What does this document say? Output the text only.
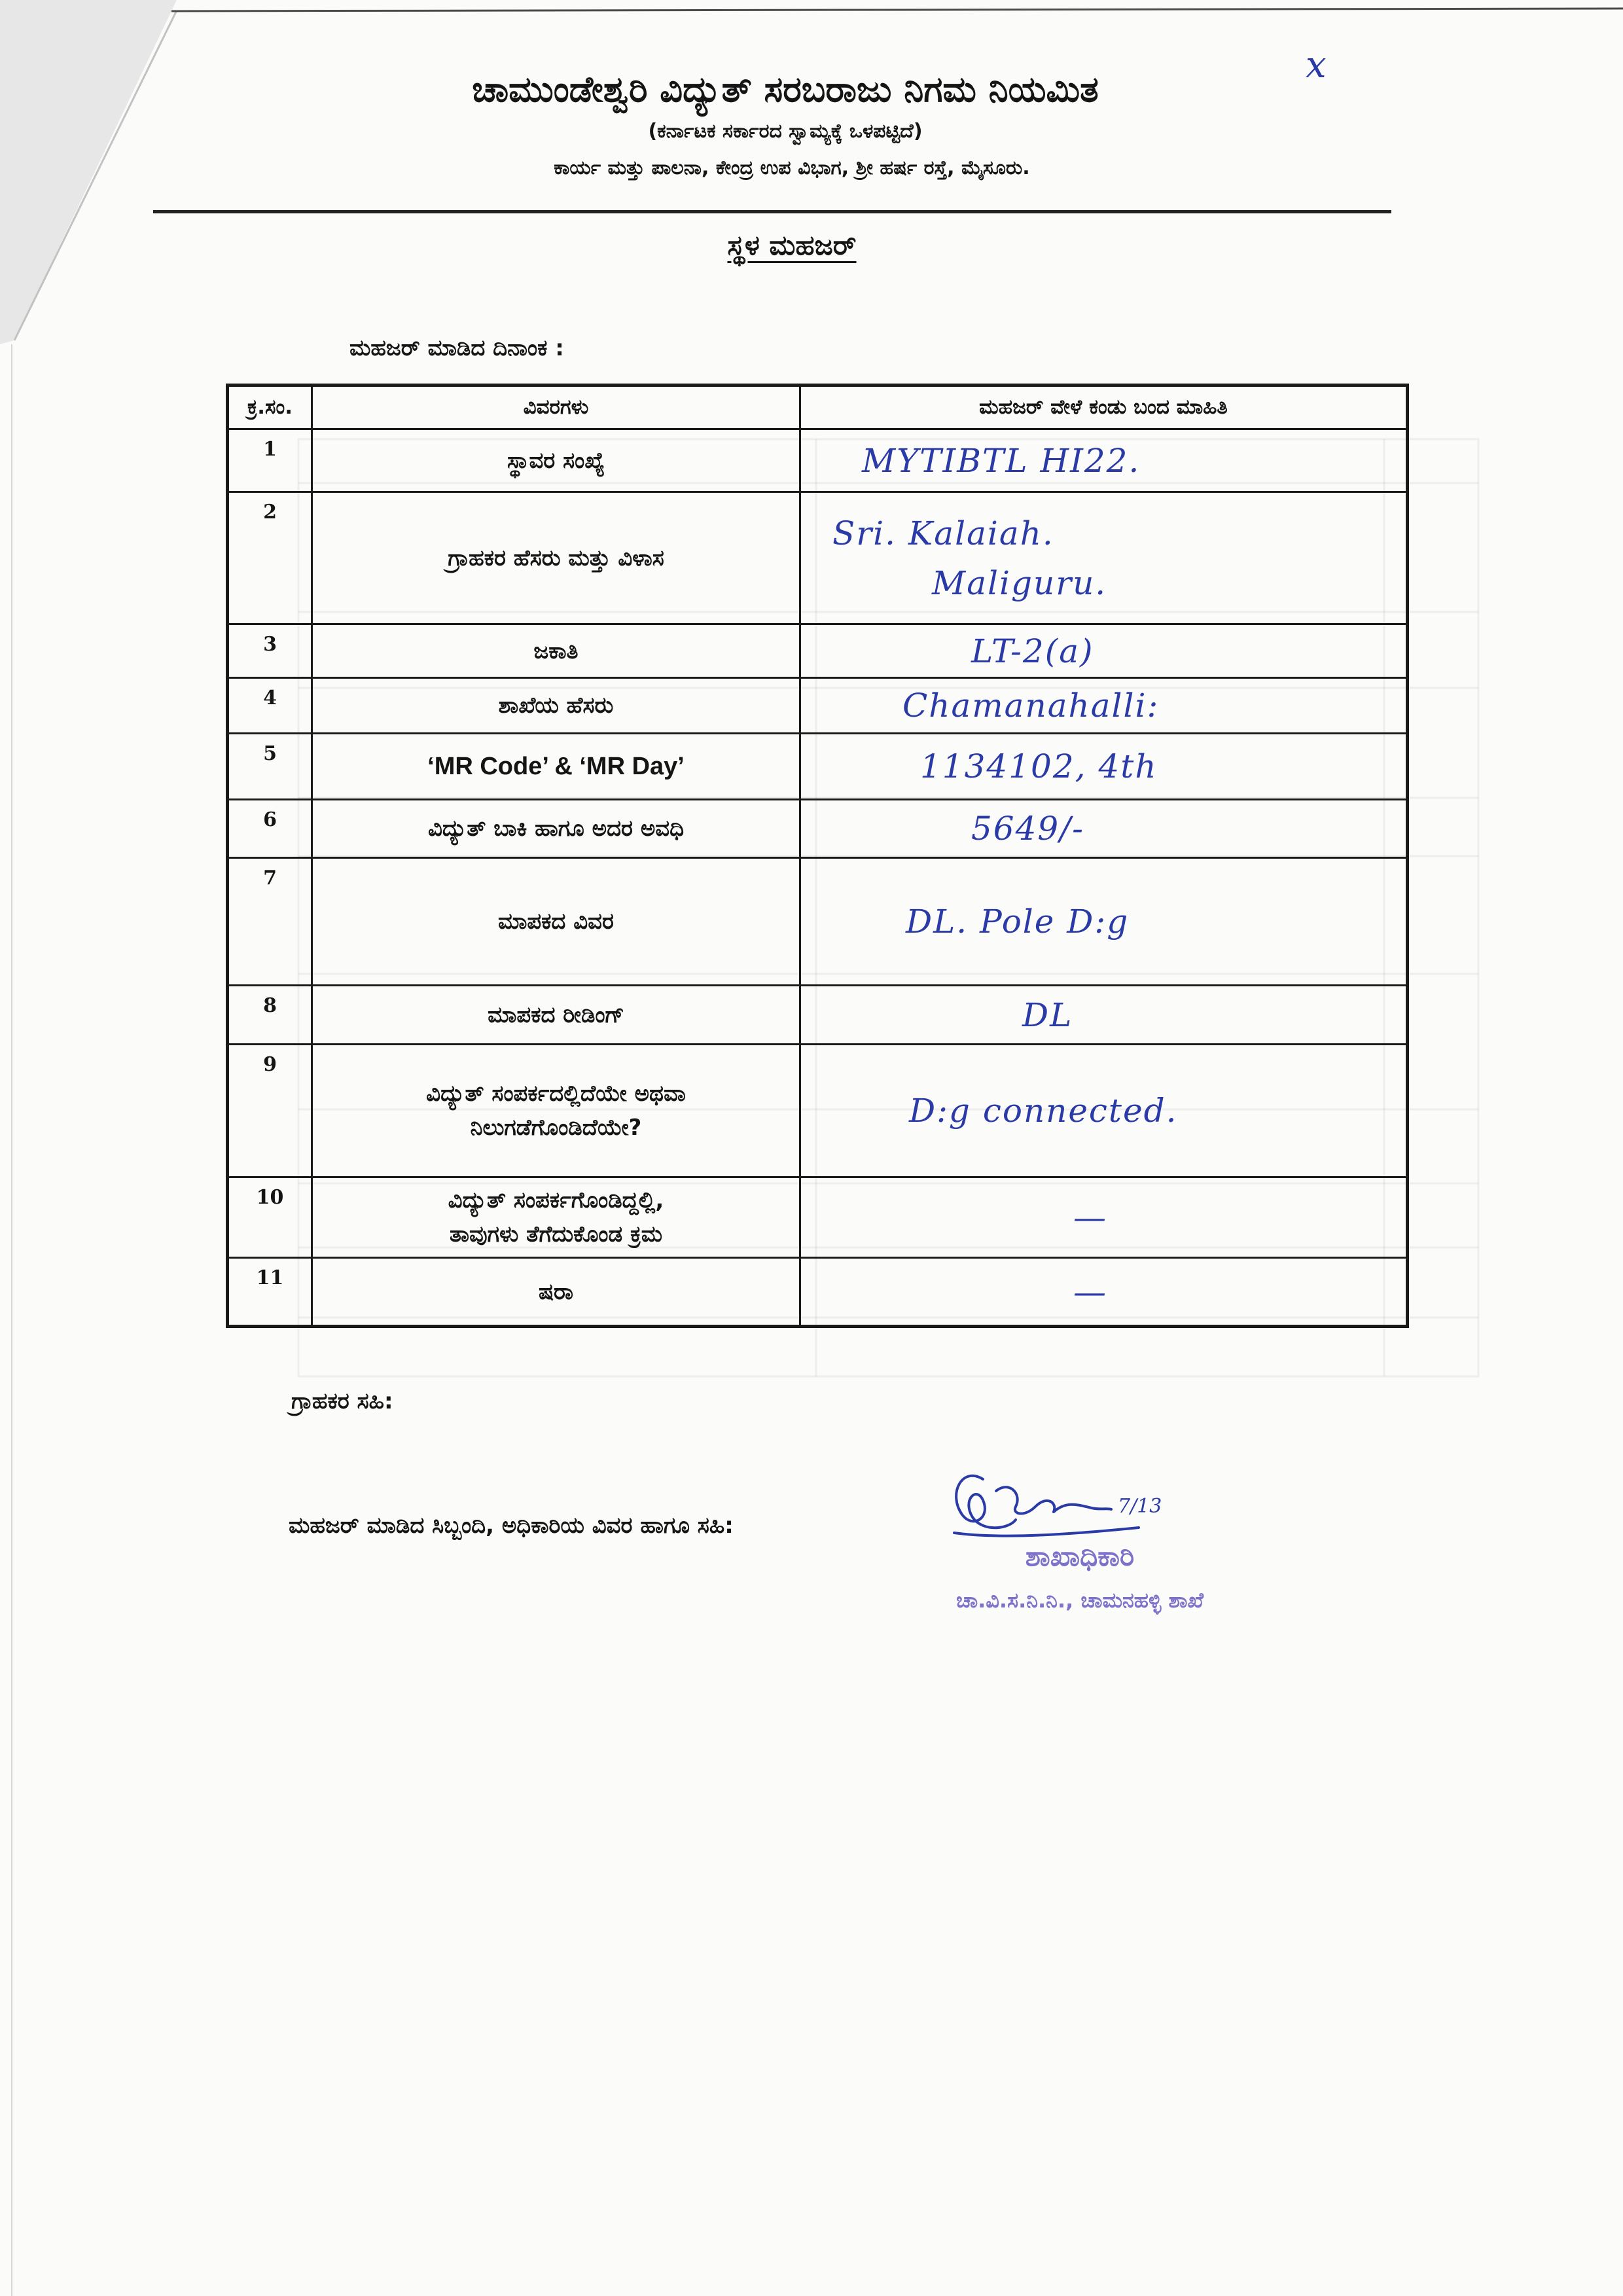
x
ಚಾಮುಂಡೇಶ್ವರಿ ವಿದ್ಯುತ್ ಸರಬರಾಜು ನಿಗಮ ನಿಯಮಿತ
(ಕರ್ನಾಟಕ ಸರ್ಕಾರದ ಸ್ವಾಮ್ಯಕ್ಕೆ ಒಳಪಟ್ಟಿದೆ)
ಕಾರ್ಯ ಮತ್ತು ಪಾಲನಾ, ಕೇಂದ್ರ ಉಪ ವಿಭಾಗ, ಶ್ರೀ ಹರ್ಷ ರಸ್ತೆ, ಮೈಸೂರು.
ಸ್ಥಳ ಮಹಜರ್
ಮಹಜರ್ ಮಾಡಿದ ದಿನಾಂಕ :
ಕ್ರ.ಸಂ.	ವಿವರಗಳು	ಮಹಜರ್ ವೇಳೆ ಕಂಡು ಬಂದ ಮಾಹಿತಿ
1	ಸ್ಥಾವರ ಸಂಖ್ಯೆ	MYTIBTL HI22.

2	ಗ್ರಾಹಕರ ಹೆಸರು ಮತ್ತು ವಿಳಾಸ	Sri. Kalaiah.
Maliguru.

3	ಜಕಾತಿ	LT-2(a)

4	ಶಾಖೆಯ ಹೆಸರು	Chamanahalli:

5	‘MR Code’ & ‘MR Day’	1134102, 4th

6	ವಿದ್ಯುತ್ ಬಾಕಿ ಹಾಗೂ ಅದರ ಅವಧಿ	5649/-

7	ಮಾಪಕದ ವಿವರ	DL. Pole D:g

8	ಮಾಪಕದ ರೀಡಿಂಗ್	DL

9	ವಿದ್ಯುತ್ ಸಂಪರ್ಕದಲ್ಲಿದೆಯೇ ಅಥವಾ
ನಿಲುಗಡೆಗೊಂಡಿದೆಯೇ?	D:g connected.

10	ವಿದ್ಯುತ್ ಸಂಪರ್ಕಗೊಂಡಿದ್ದಲ್ಲಿ,
ತಾವುಗಳು ತೆಗೆದುಕೊಂಡ ಕ್ರಮ	—

11	ಷರಾ	—
ಗ್ರಾಹಕರ ಸಹಿ:
ಮಹಜರ್ ಮಾಡಿದ ಸಿಬ್ಬಂದಿ, ಅಧಿಕಾರಿಯ ವಿವರ ಹಾಗೂ ಸಹಿ:
7/13
ಶಾಖಾಧಿಕಾರಿ
ಚಾ.ವಿ.ಸ.ನಿ.ನಿ., ಚಾಮನಹಳ್ಳಿ ಶಾಖೆ
